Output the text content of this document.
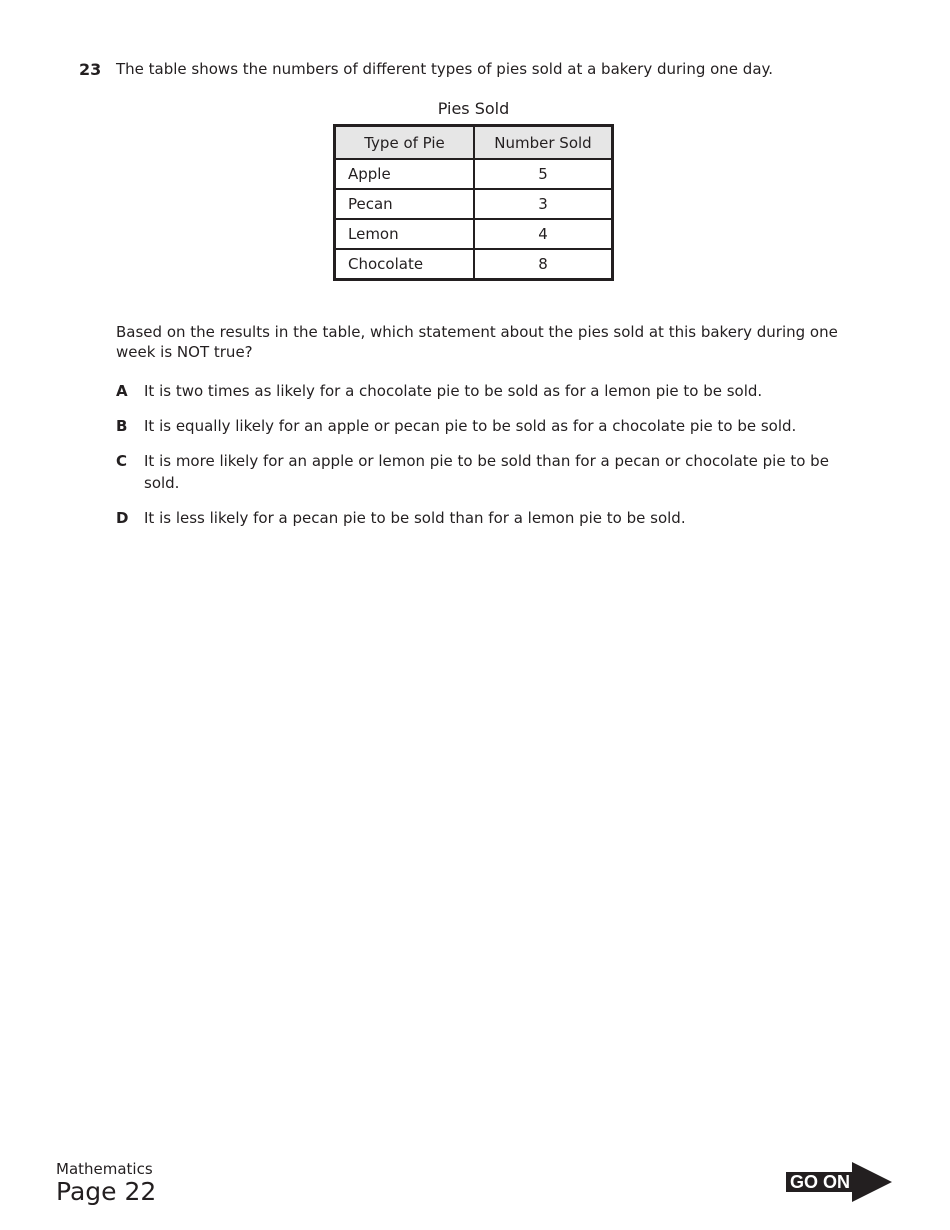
23 The table shows the numbers of different types of pies sold at a bakery during one day.
Pies Sold
Type of Pie	Number Sold
Apple	5
Pecan	3
Lemon	4
Chocolate	8
Based on the results in the table, which statement about the pies sold at this bakery during one week is NOT true?
A It is two times as likely for a chocolate pie to be sold as for a lemon pie to be sold.
B It is equally likely for an apple or pecan pie to be sold as for a chocolate pie to be sold.
C It is more likely for an apple or lemon pie to be sold than for a pecan or chocolate pie to be sold.
D It is less likely for a pecan pie to be sold than for a lemon pie to be sold.
Mathematics
Page 22	GO ON
